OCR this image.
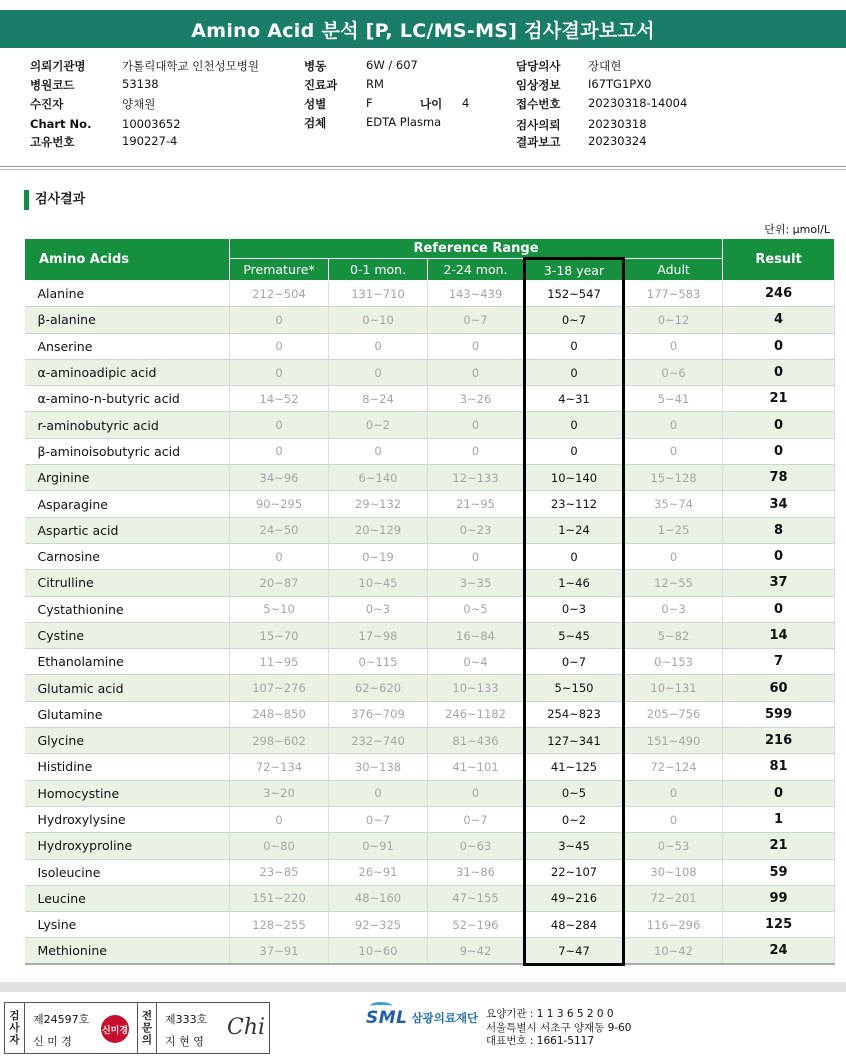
Amino Acid 분석 [P, LC/MS-MS] 검사결과보고서
의뢰기관명	가톨릭대학교 인천성모병원
병원코드	53138
수진자	양채원
Chart No.	10003652
고유번호	190227-4
병동	6W / 607
진료과 RM
성별	F	나이 4
검체	EDTA Plasma
담당의사 장대현
임상정보 I67TG1PX0
접수번호 20230318-14004
검사의뢰 20230318
결과보고 20230324
검사결과
단위: μmol/L
Amino Acids	Reference Range					Result
	Premature*	0-1 mon.	2-24 mon.	3-18 year	Adult	
Alanine	212~504	131~710	143~439	152~547	177~583	246
β-alanine	0	0~10	0~7	0~7	0~12	4
Anserine	0	0	0	0	0	0
α-aminoadipic acid	0	0	0	0	0~6	0
α-amino-n-butyric acid	14~52	8~24	3~26	4~31	5~41	21
r-aminobutyric acid	0	0~2	0	0	0	0
β-aminoisobutyric acid	0	0	0	0	0	0
Arginine	34~96	6~140	12~133	10~140	15~128	78
Asparagine	90~295	29~132	21~95	23~112	35~74	34
Aspartic acid	24~50	20~129	0~23	1~24	1~25	8
Carnosine	0	0~19	0	0	0	0
Citrulline	20~87	10~45	3~35	1~46	12~55	37
Cystathionine	5~10	0~3	0~5	0~3	0~3	0
Cystine	15~70	17~98	16~84	5~45	5~82	14
Ethanolamine	11~95	0~115	0~4	0~7	0~153	7
Glutamic acid	107~276	62~620	10~133	5~150	10~131	60
Glutamine	248~850	376~709	246~1182	254~823	205~756	599
Glycine	298~602	232~740	81~436	127~341	151~490	216
Histidine	72~134	30~138	41~101	41~125	72~124	81
Homocystine	3~20	0	0	0~5	0	0
Hydroxylysine	0	0~7	0~7	0~2	0	1
Hydroxyproline	0~80	0~91	0~63	3~45	0~53	21
Isoleucine	23~85	26~91	31~86	22~107	30~108	59
Leucine	151~220	48~160	47~155	49~216	72~201	99
Lysine	128~255	92~325	52~196	48~284	116~296	125
Methionine	37~91	10~60	9~42	7~47	10~42	24
검
사
자
제24597호
신 미 경
신미경
전
문
의
제333호
지 현 영
Chi	SML 삼광의료재단 요양기관 : 1 1 3 6 5 2 0 0
서울특별시 서초구 양재동 9-60
대표번호 : 1661-5117
